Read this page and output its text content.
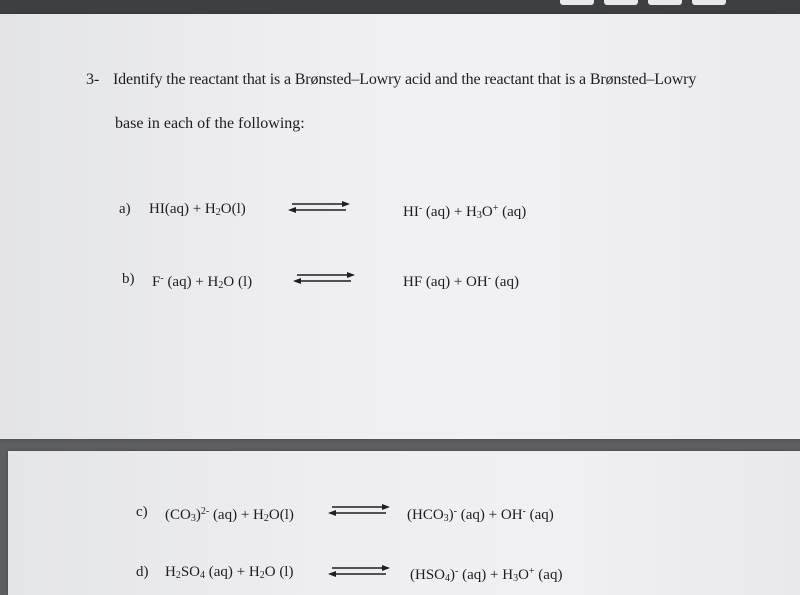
3- Identify the reactant that is a Brønsted–Lowry acid and the reactant that is a Brønsted–Lowry
base in each of the following:
a) $HI(aq) + H_2O(l)$	HI- $(aq) + H_3O^+$ (aq)
b) F- $(aq) + H_2O$ (l)	HF (aq) + OH- (aq)
c) $(CO_3)^{2-}$ $(aq) + H_2O(l)$ ⇌ $(HCO_3)^-$ (aq) + OH- (aq)
d) $H_2SO_4$ $(aq) + H_2O$ (l) ⇌ $(HSO_4)^-$ $(aq) + H_3O^+$ (aq)
